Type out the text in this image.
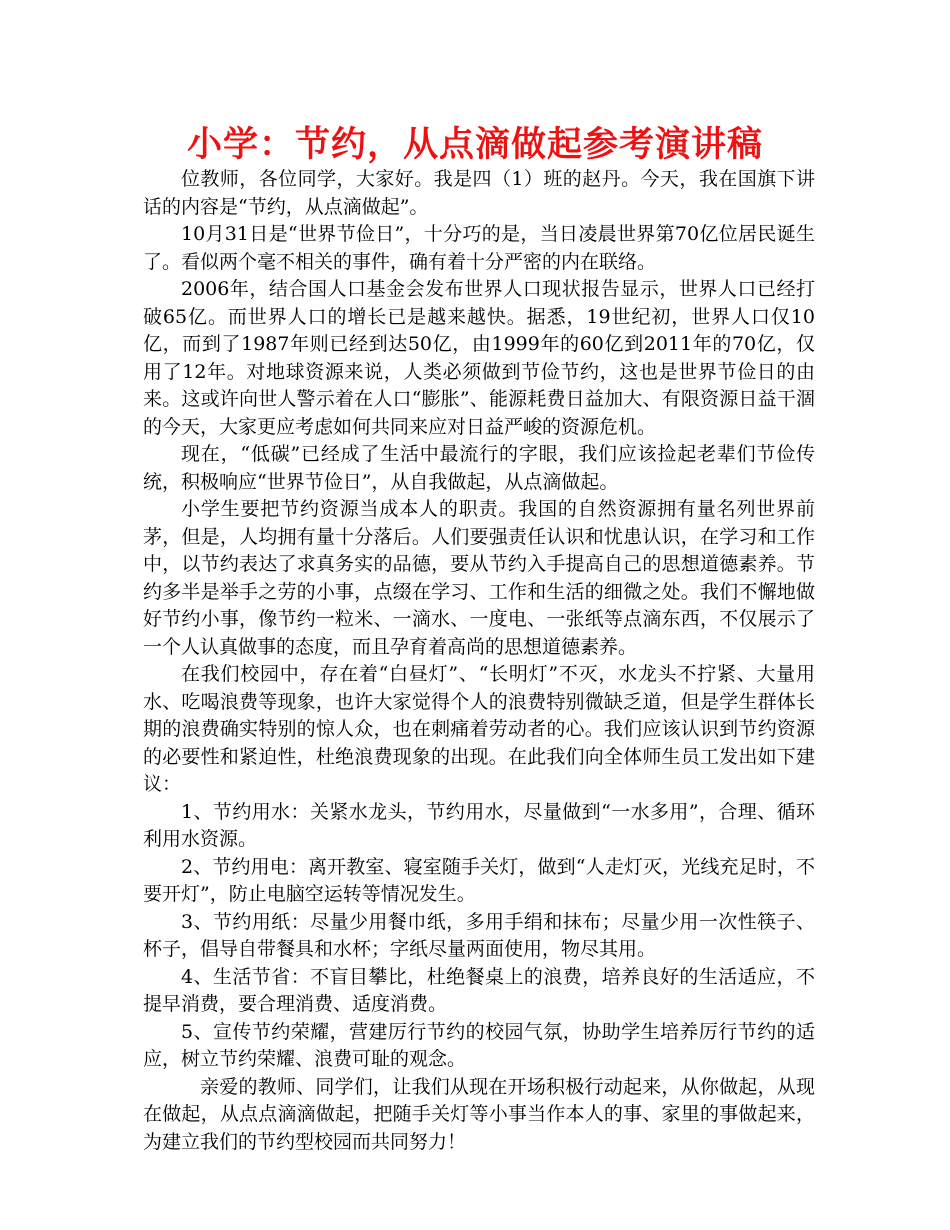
小学：节约，从点滴做起参考演讲稿

位教师，各位同学，大家好。我是四（1）班的赵丹。今天，我在国旗下讲话的内容是“节约，从点滴做起”。

10月31日是“世界节俭日”，十分巧的是，当日凌晨世界第70亿位居民诞生了。看似两个毫不相关的事件，确有着十分严密的内在联络。

2006年，结合国人口基金会发布世界人口现状报告显示，世界人口已经打破65亿。而世界人口的增长已是越来越快。据悉，19世纪初，世界人口仅10亿，而到了1987年则已经到达50亿，由1999年的60亿到2011年的70亿，仅用了12年。对地球资源来说，人类必须做到节俭节约，这也是世界节俭日的由来。这或许向世人警示着在人口“膨胀”、能源耗费日益加大、有限资源日益干涸的今天，大家更应考虑如何共同来应对日益严峻的资源危机。

现在，“低碳”已经成了生活中最流行的字眼，我们应该捡起老辈们节俭传统，积极响应“世界节俭日”，从自我做起，从点滴做起。

小学生要把节约资源当成本人的职责。我国的自然资源拥有量名列世界前茅，但是，人均拥有量十分落后。人们要强责任认识和忧患认识，在学习和工作中，以节约表达了求真务实的品德，要从节约入手提高自己的思想道德素养。节约多半是举手之劳的小事，点缀在学习、工作和生活的细微之处。我们不懈地做好节约小事，像节约一粒米、一滴水、一度电、一张纸等点滴东西，不仅展示了一个人认真做事的态度，而且孕育着高尚的思想道德素养。

在我们校园中，存在着“白昼灯”、“长明灯”不灭，水龙头不拧紧、大量用水、吃喝浪费等现象，也许大家觉得个人的浪费特别微缺乏道，但是学生群体长期的浪费确实特别的惊人众，也在刺痛着劳动者的心。我们应该认识到节约资源的必要性和紧迫性，杜绝浪费现象的出现。在此我们向全体师生员工发出如下建议：

1、节约用水：关紧水龙头，节约用水，尽量做到“一水多用”，合理、循环利用水资源。

2、节约用电：离开教室、寝室随手关灯，做到“人走灯灭，光线充足时，不要开灯”，防止电脑空运转等情况发生。

3、节约用纸：尽量少用餐巾纸，多用手绢和抹布；尽量少用一次性筷子、杯子，倡导自带餐具和水杯；字纸尽量两面使用，物尽其用。

4、生活节省：不盲目攀比，杜绝餐桌上的浪费，培养良好的生活适应，不提早消费，要合理消费、适度消费。

5、宣传节约荣耀，营建厉行节约的校园气氛，协助学生培养厉行节约的适应，树立节约荣耀、浪费可耻的观念。

亲爱的教师、同学们，让我们从现在开场积极行动起来，从你做起，从现在做起，从点点滴滴做起，把随手关灯等小事当作本人的事、家里的事做起来，为建立我们的节约型校园而共同努力！
